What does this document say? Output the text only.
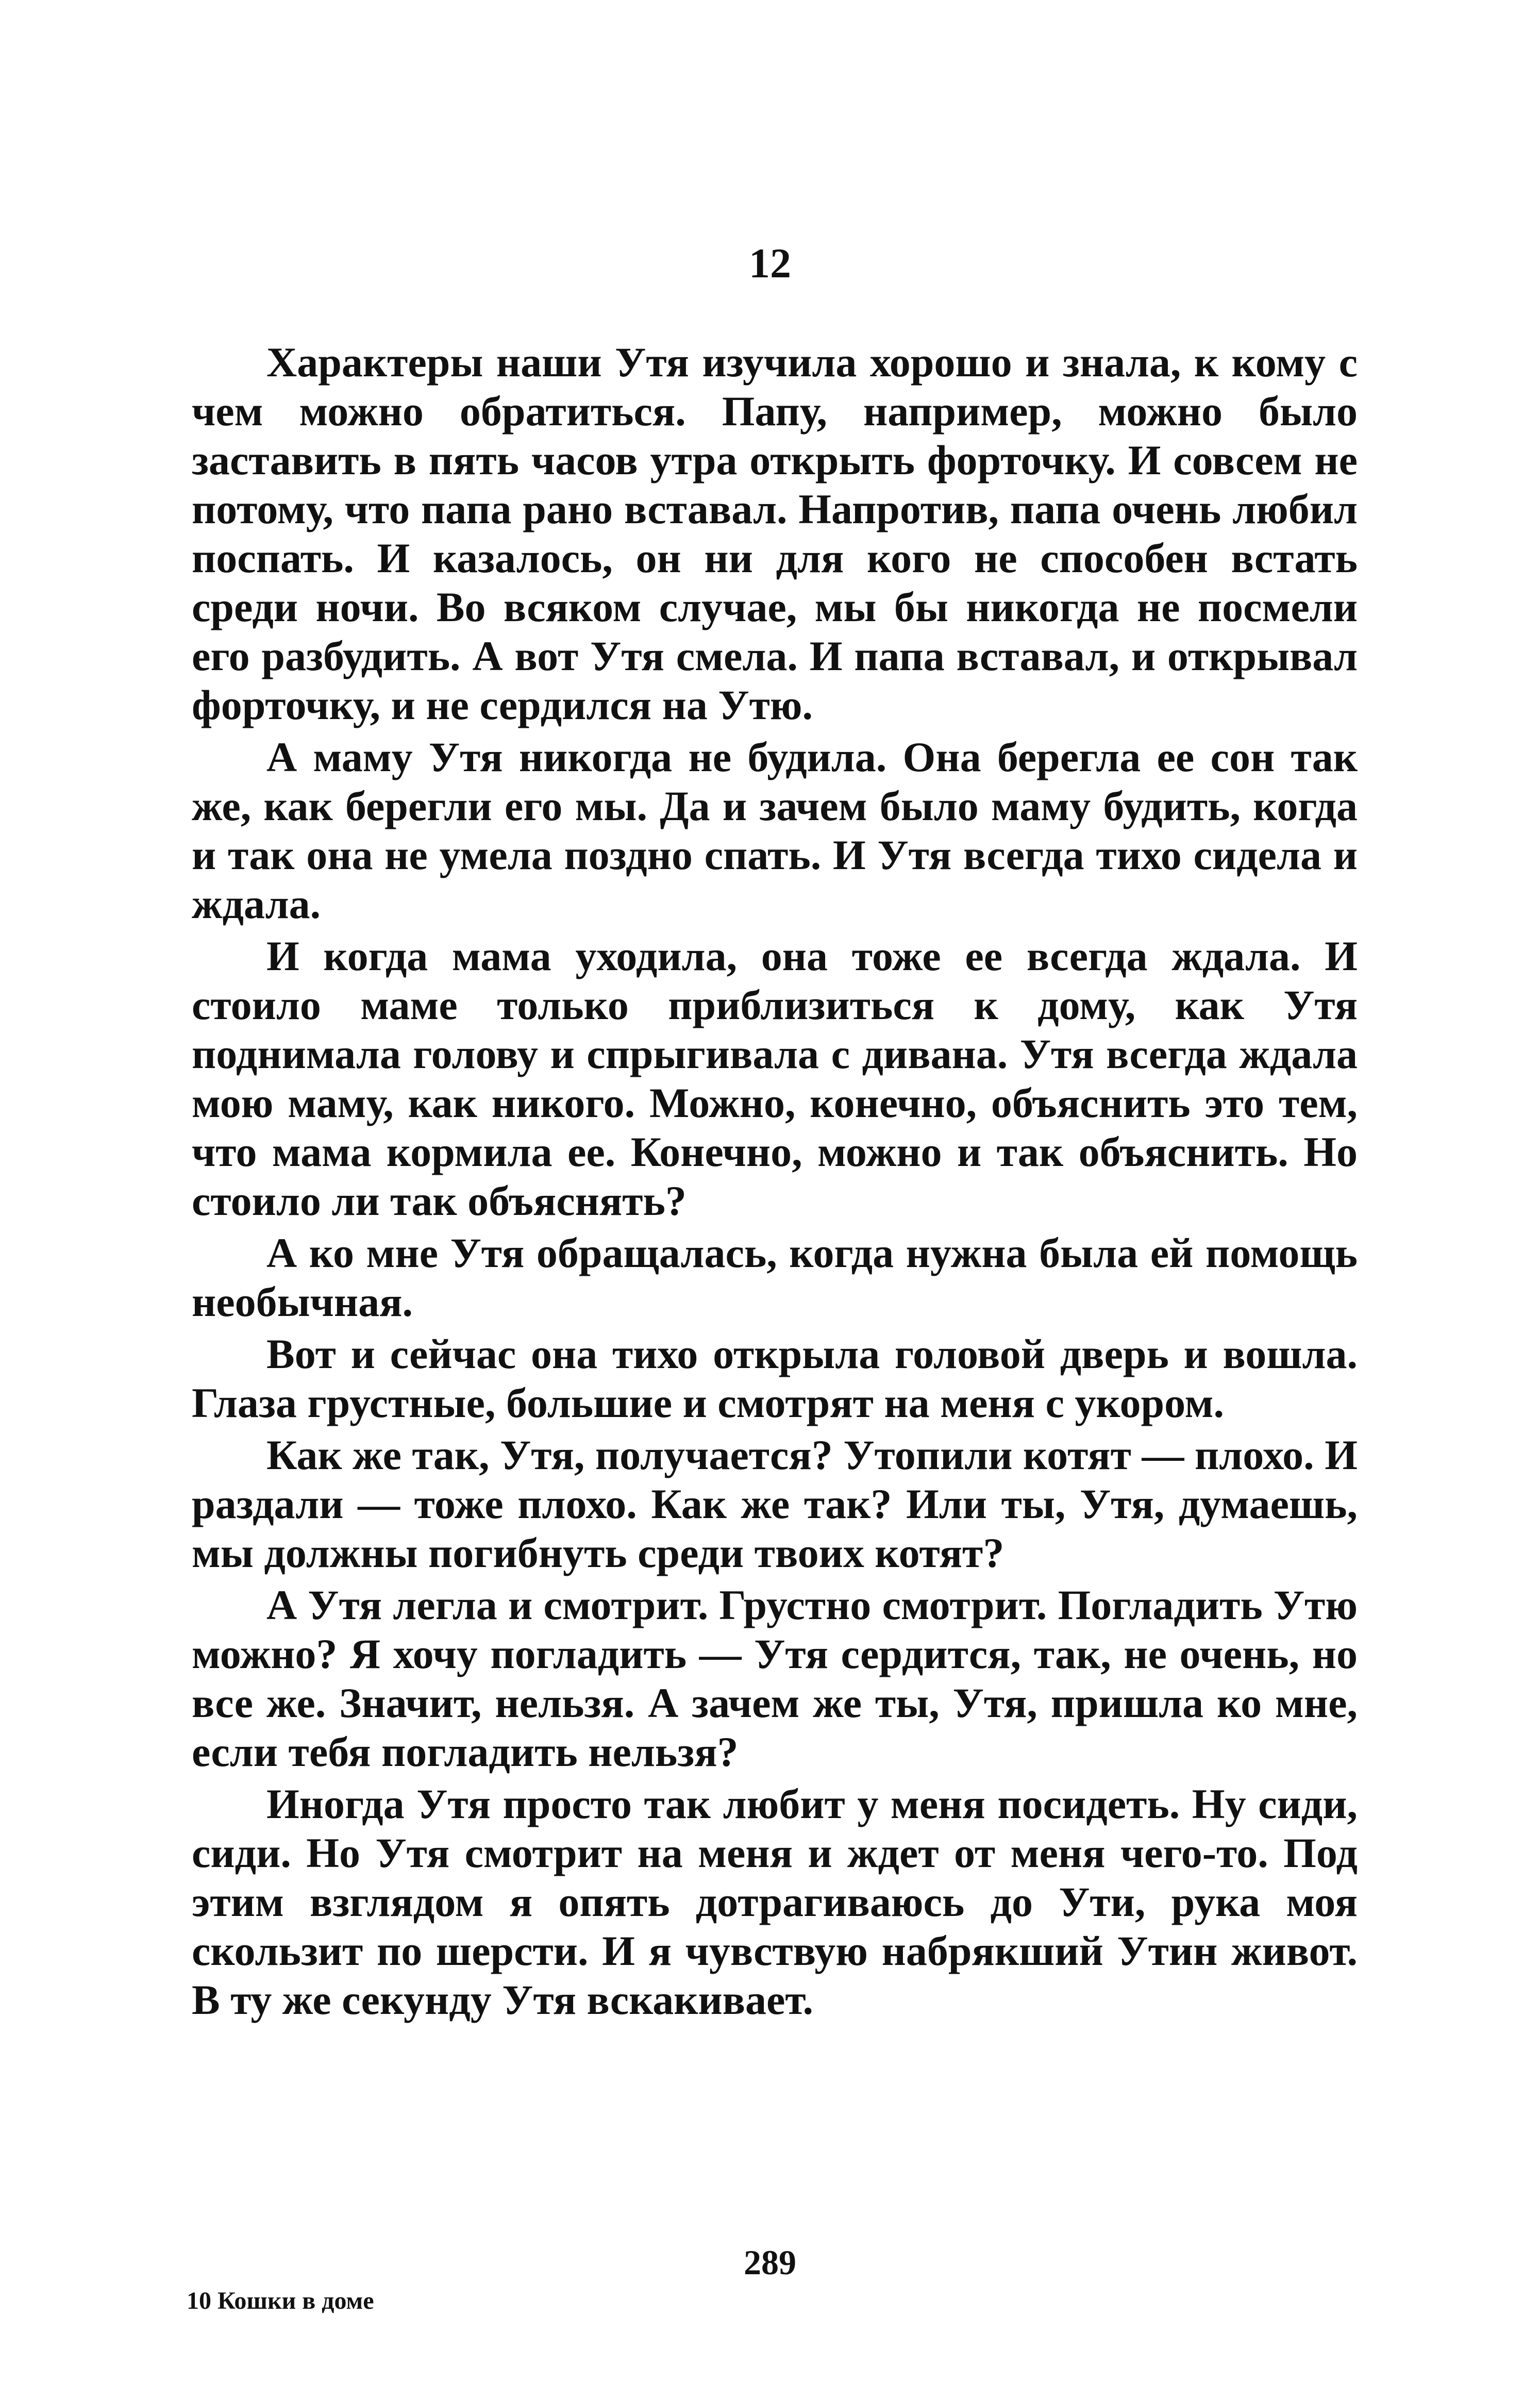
12

Характеры наши Утя изучила хорошо и знала, к кому с чем можно обратиться. Папу, например, можно было заставить в пять часов утра открыть форточку. И совсем не потому, что папа рано вставал. Напротив, папа очень любил поспать. И казалось, он ни для кого не способен встать среди ночи. Во всяком случае, мы бы никогда не посмели его разбудить. А вот Утя смела. И папа вставал, и открывал форточку, и не сердился на Утю.

А маму Утя никогда не будила. Она берегла ее сон так же, как берегли его мы. Да и зачем было маму будить, когда и так она не умела поздно спать. И Утя всегда тихо сидела и ждала.

И когда мама уходила, она тоже ее всегда ждала. И стоило маме только приблизиться к дому, как Утя поднимала голову и спрыгивала с дивана. Утя всегда ждала мою маму, как никого. Можно, конечно, объяснить это тем, что мама кормила ее. Конечно, можно и так объяснить. Но стоило ли так объяснять?

А ко мне Утя обращалась, когда нужна была ей помощь необычная.

Вот и сейчас она тихо открыла головой дверь и вошла. Глаза грустные, большие и смотрят на меня с укором.

Как же так, Утя, получается? Утопили котят — плохо. И раздали — тоже плохо. Как же так? Или ты, Утя, думаешь, мы должны погибнуть среди твоих котят?

А Утя легла и смотрит. Грустно смотрит. Погладить Утю можно? Я хочу погладить — Утя сердится, так, не очень, но все же. Значит, нельзя. А зачем же ты, Утя, пришла ко мне, если тебя погладить нельзя?

Иногда Утя просто так любит у меня посидеть. Ну сиди, сиди. Но Утя смотрит на меня и ждет от меня чего-то. Под этим взглядом я опять дотрагиваюсь до Ути, рука моя скользит по шерсти. И я чувствую набрякший Утин живот. В ту же секунду Утя вскакивает.

289
10 Кошки в доме
